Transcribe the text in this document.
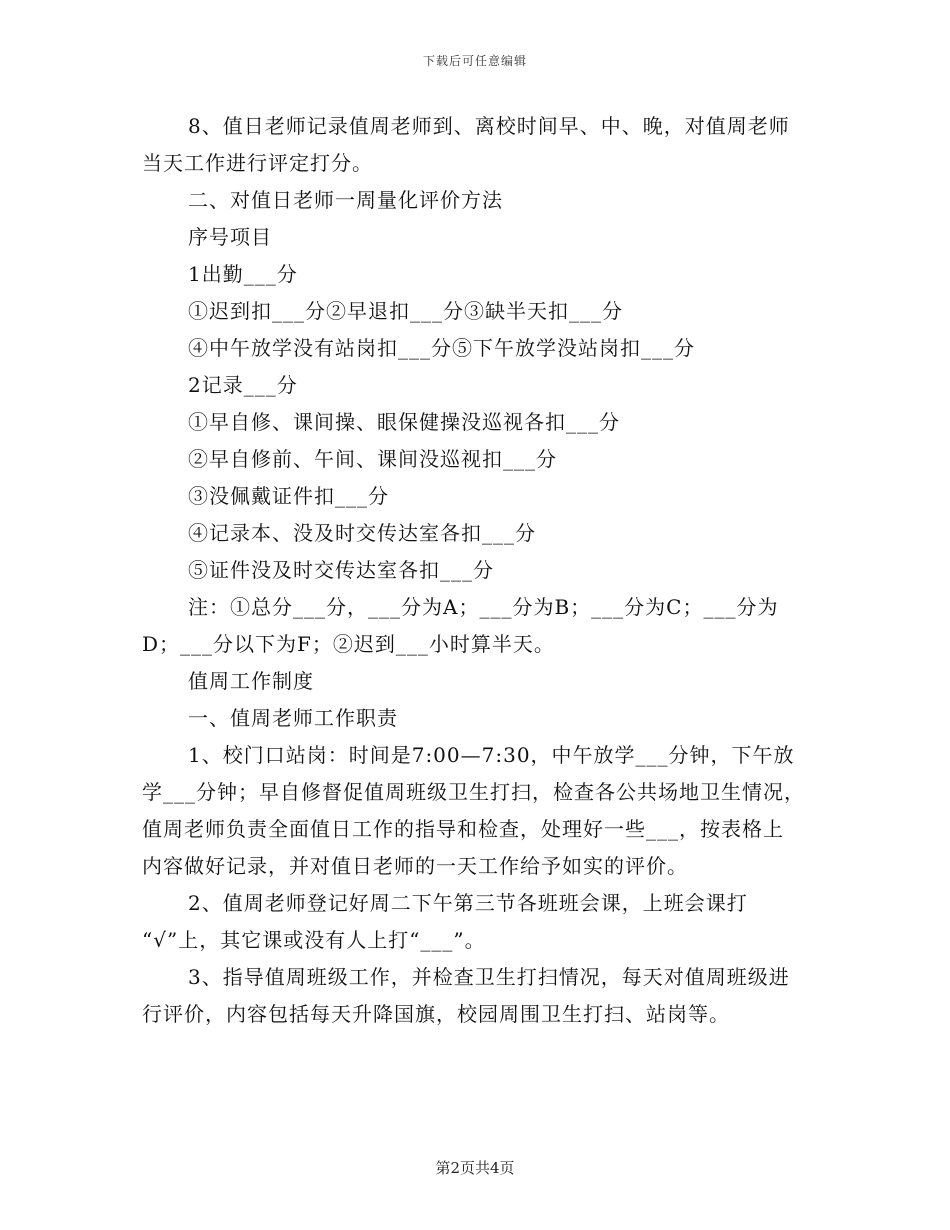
下载后可任意编辑
8、值日老师记录值周老师到、离校时间早、中、晚，对值周老师
当天工作进行评定打分。
二、对值日老师一周量化评价方法
序号项目
1出勤___分
①迟到扣___分②早退扣___分③缺半天扣___分
④中午放学没有站岗扣___分⑤下午放学没站岗扣___分
2记录___分
①早自修、课间操、眼保健操没巡视各扣___分
②早自修前、午间、课间没巡视扣___分
③没佩戴证件扣___分
④记录本、没及时交传达室各扣___分
⑤证件没及时交传达室各扣___分
注：①总分___分，___分为A；___分为B；___分为C；___分为
D；___分以下为F；②迟到___小时算半天。
值周工作制度
一、值周老师工作职责
1、校门口站岗：时间是7:00—7:30，中午放学___分钟，下午放
学___分钟；早自修督促值周班级卫生打扫，检查各公共场地卫生情况，
值周老师负责全面值日工作的指导和检查，处理好一些___，按表格上
内容做好记录，并对值日老师的一天工作给予如实的评价。
2、值周老师登记好周二下午第三节各班班会课，上班会课打
“√”上，其它课或没有人上打“___”。
3、指导值周班级工作，并检查卫生打扫情况，每天对值周班级进
行评价，内容包括每天升降国旗，校园周围卫生打扫、站岗等。
第2页共4页
